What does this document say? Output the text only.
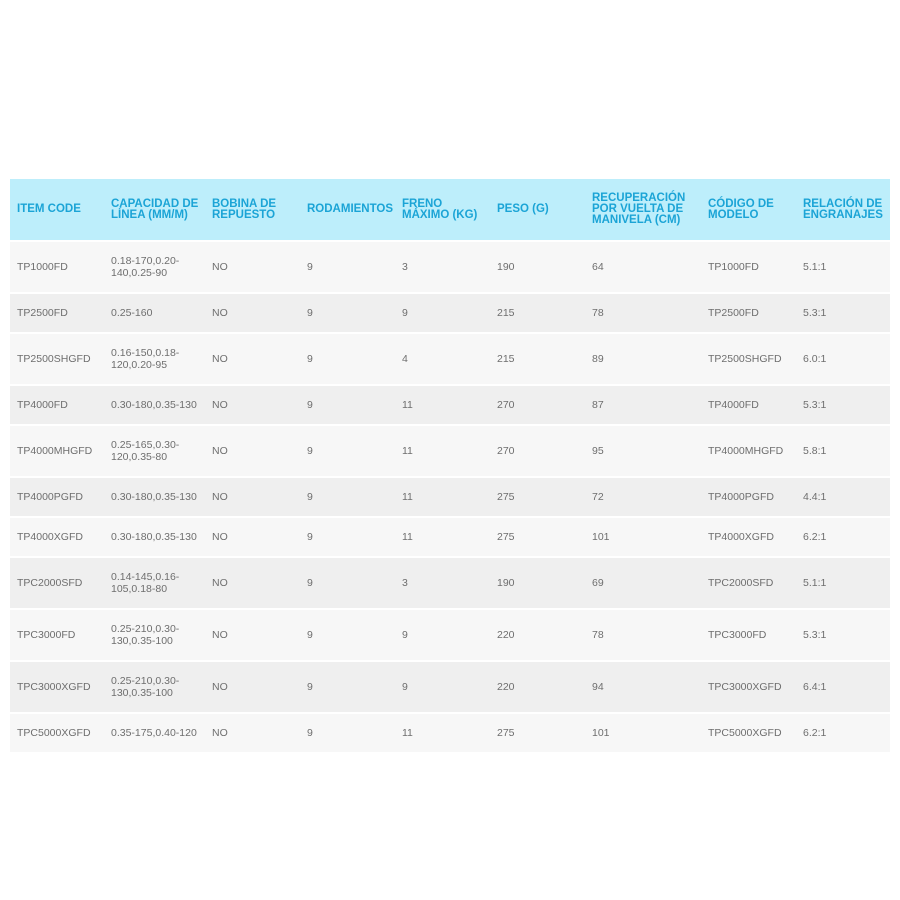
ITEM CODE	CAPACIDAD DE LÍNEA (MM/M)	BOBINA DE REPUESTO	RODAMIENTOS	FRENO MÁXIMO (KG)	PESO (G)	RECUPERACIÓN POR VUELTA DE MANIVELA (CM)	CÓDIGO DE MODELO	RELACIÓN DE ENGRANAJES
TP1000FD	0.18-170,0.20-140,0.25-90	NO	9	3	190	64	TP1000FD	5.1:1
TP2500FD	0.25-160	NO	9	9	215	78	TP2500FD	5.3:1
TP2500SHGFD	0.16-150,0.18-120,0.20-95	NO	9	4	215	89	TP2500SHGFD	6.0:1
TP4000FD	0.30-180,0.35-130	NO	9	11	270	87	TP4000FD	5.3:1
TP4000MHGFD	0.25-165,0.30-120,0.35-80	NO	9	11	270	95	TP4000MHGFD	5.8:1
TP4000PGFD	0.30-180,0.35-130	NO	9	11	275	72	TP4000PGFD	4.4:1
TP4000XGFD	0.30-180,0.35-130	NO	9	11	275	101	TP4000XGFD	6.2:1
TPC2000SFD	0.14-145,0.16-105,0.18-80	NO	9	3	190	69	TPC2000SFD	5.1:1
TPC3000FD	0.25-210,0.30-130,0.35-100	NO	9	9	220	78	TPC3000FD	5.3:1
TPC3000XGFD	0.25-210,0.30-130,0.35-100	NO	9	9	220	94	TPC3000XGFD	6.4:1
TPC5000XGFD	0.35-175,0.40-120	NO	9	11	275	101	TPC5000XGFD	6.2:1
